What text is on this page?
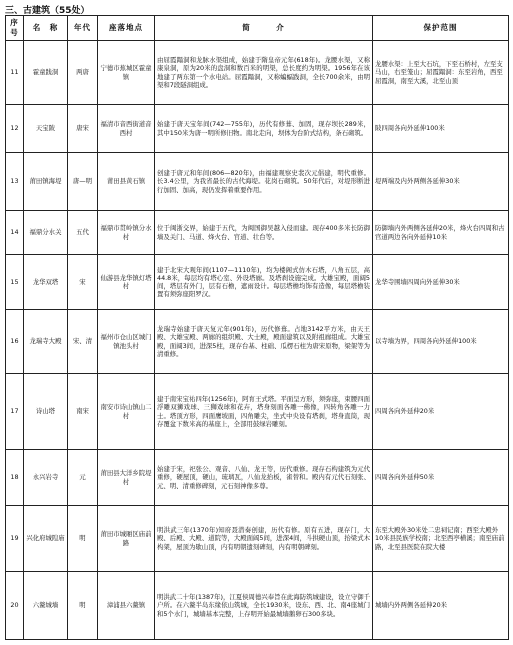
三、古建筑（55处）
序号	名　称	年代	座落地点	简　　　介	保护范围
11	霍童践洞	两唐	宁德市蕉城区霍童镇	由屈霞蹋洞和龙脉水渠组成，始建于隋皇帝元年(618年)。龙腰水渠，又称康泉洞，原为20米的盘洞和数百米的明渠，总长度约为明渠。1956年在该地建了两东第一个水电站。屈霞蹋洞，又称蝙蝠践洞，全长700余米，由明渠和7段隧洞组成。	龙腰水渠：上至大石坑，下至石桥村，左至支马山，右至笼山；屈霞蹋洞：东至岩角，西至屈霞洞，南至大溪，北至山顶
12	天宝陂	唐宋	福清市音西街道音西村	始建于唐天宝年间(742—755年)，历代有修葺、加固，现存坝长289米，其中150米为唐一明所修旧物。南北走向，坝体为台阶式结构，条石砌筑。	陂四周各向外延伸100米
13	莆田镇海堤	唐—明	莆田县黄石镇	创建于唐元和年间(806—820年)，由福建观察史裴次元倡建，明代重修。长3.4公里，为我省最长的古代海堤。花岗石砌筑。50年代后，对堤形断进行加固、加高，现仍发挥着重要作用。	堤两端及内外两侧各延伸30米
14	福鼎分水关	五代	福鼎市贯岭镇分水村	位于闽浙交界，始建于五代，为闽国御吴越入侵而建。现存400多米长防御墙及关门、马道、烽火台、官道、壮台等。	防御墙内外两侧各延伸20米，烽火台四周和古官道两边各向外延伸10米
15	龙华双塔	宋	仙游县龙华镇灯塔村	建于北宋大观年间(1107—1110年)，均为楼阁式仿木石塔，八角五层，高44.8米，每层均有塔心室、外设塔廊。及塔刹设施完成。大雄宝殿，面阔5间，塔层有外门，层有石檐，遮雨设计。每层塔檐均饰有造像，每层塔檐装置有须弥座阳罗汉。	龙华寺围墙四周向外延伸30米
16	龙瑞寺大殿	宋、清	福州市仓山区城门镇池头村	龙瑞寺始建于唐天复元年(901年)，历代修葺。占地3142平方米，由天王殿、大雄宝殿、两廊的组织殿、大士殿，殿面建筑以及附祖廊组成。大雄宝殿，面阔3间，进深5柱，现存台基、柱础、瓜楞石柱为唐宋原物，梁架等为清重修。	以寺墙为界，四周各向外延伸100米
17	诗山塔	南宋	南安市诗山镇山二村	建于南宋宝祐四年(1256年)，阿育王式塔。平面呈方形，须弥座，束腰四面浮雕双狮戏球、三狮戏球和花卉，塔身刻面各雕一佛像，四转角各雕一力士。塔顶方形，四面鹰坡面，四角雕尖，坐式中央设有塔刹，塔身直筒，现存覆盆下数米高的基座上，全部用鼓绿岩雕刻。	四周各向外延伸20米
18	永兴岩寺	元	莆田县大洋乡院堤村	始建于宋，祀张公、观音、八仙、龙王等，历代重修。现存石构建筑为元代重修，硬屋顶，硬山，琉璃瓦，八仙龙抬板，雀替和。殿内有元代石刻张、元、明、清重修碑刻，元石刻神像多尊。	四周各向外延伸50米
19	兴化府城隍庙	明	莆田市城厢区庙前路	明洪武三年(1370年)知府聂潜奏创建，历代有修。原有五进，现存门，大殿、后殿、大殿、道院等，大殿面阔5间，进深4间，斗拱硬山顶，抬梁式木构架，屋顶为歇山顶，内有明朝遗刻碑刻，内有明朝碑刻。	东至大殿外30米处二忠祠记南；西至大殿外10米县民族学校南；北至西亭横溪；南至庙前路，北至县医院在院大楼
20	六鳌城墙	明	漳浦县六鳌镇	明洪武二十年(1387年)，江夏侯周德兴奉旨在此海防筑城建设，设立守御千户所。在六鳌半岛东缘依山筑城，全长1930米，设东、西、北、南4座城门和5个水门，城墙基本完整，上存明开始最城墙鹅卵石300多块。	城墙内外两侧各延伸20米
